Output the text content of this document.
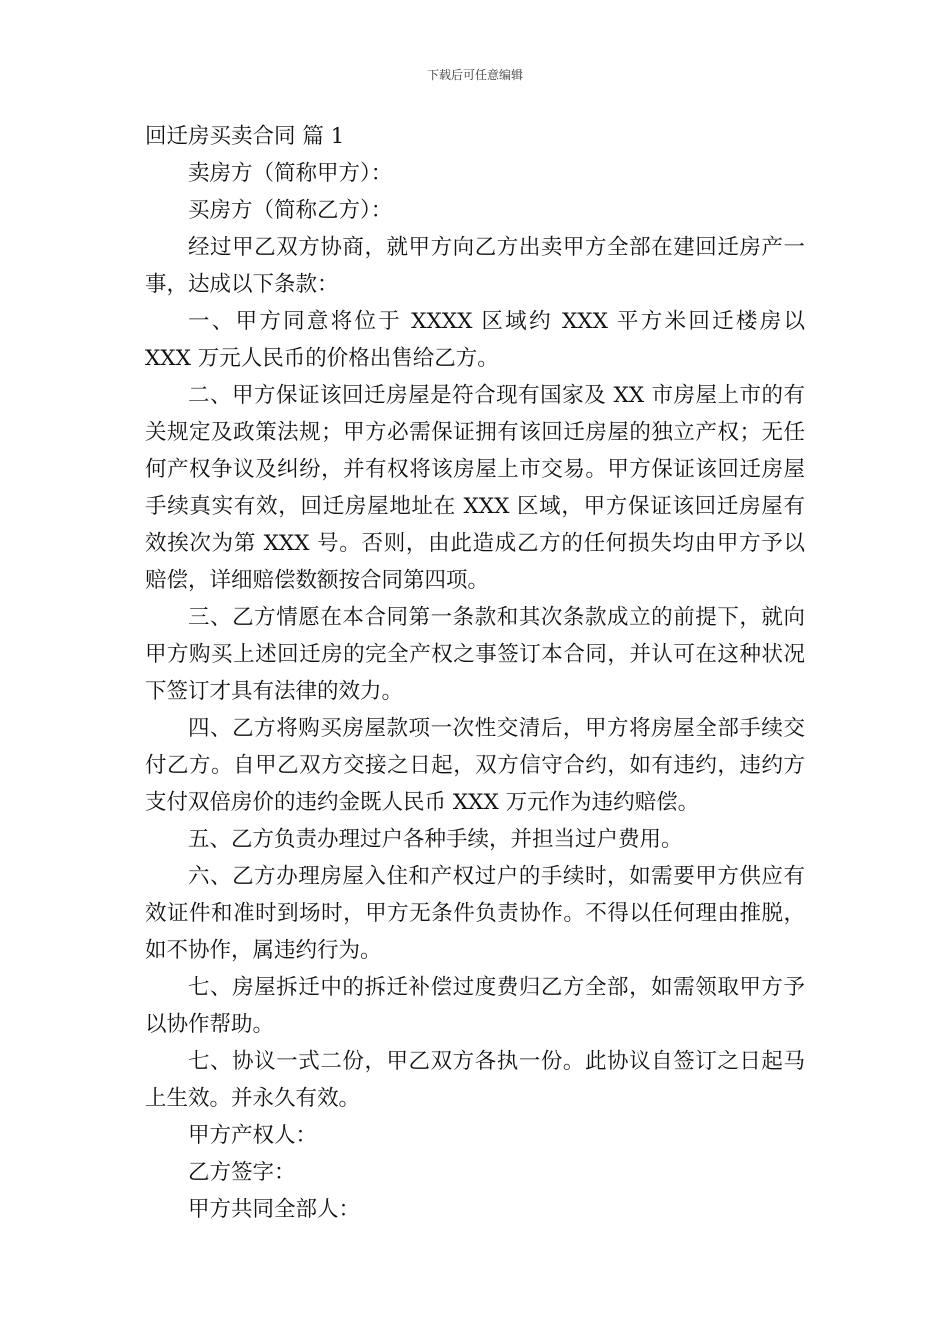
下载后可任意编辑

回迁房买卖合同 篇 1

卖房方（简称甲方）：

买房方（简称乙方）：

经过甲乙双方协商，就甲方向乙方出卖甲方全部在建回迁房产一事，达成以下条款：

一、甲方同意将位于 XXXX 区域约 XXX 平方米回迁楼房以 XXX 万元人民币的价格出售给乙方。

二、甲方保证该回迁房屋是符合现有国家及 XX 市房屋上市的有关规定及政策法规；甲方必需保证拥有该回迁房屋的独立产权；无任何产权争议及纠纷，并有权将该房屋上市交易。甲方保证该回迁房屋手续真实有效，回迁房屋地址在 XXX 区域，甲方保证该回迁房屋有效挨次为第 XXX 号。否则，由此造成乙方的任何损失均由甲方予以赔偿，详细赔偿数额按合同第四项。

三、乙方情愿在本合同第一条款和其次条款成立的前提下，就向甲方购买上述回迁房的完全产权之事签订本合同，并认可在这种状况下签订才具有法律的效力。

四、乙方将购买房屋款项一次性交清后，甲方将房屋全部手续交付乙方。自甲乙双方交接之日起，双方信守合约，如有违约，违约方支付双倍房价的违约金既人民币 XXX 万元作为违约赔偿。

五、乙方负责办理过户各种手续，并担当过户费用。

六、乙方办理房屋入住和产权过户的手续时，如需要甲方供应有效证件和准时到场时，甲方无条件负责协作。不得以任何理由推脱，如不协作，属违约行为。

七、房屋拆迁中的拆迁补偿过度费归乙方全部，如需领取甲方予以协作帮助。

七、协议一式二份，甲乙双方各执一份。此协议自签订之日起马上生效。并永久有效。

甲方产权人：

乙方签字：

甲方共同全部人：
